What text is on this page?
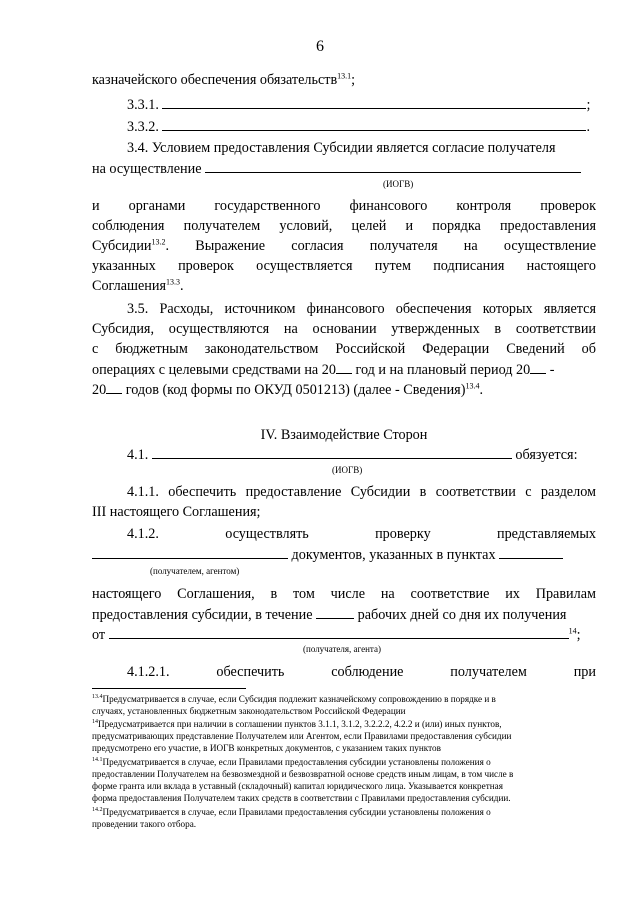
6
казначейского обеспечения обязательств$^{13.1}$;
3.3.1.	;
3.3.2.	.
3.4. Условием предоставления Субсидии является согласие получателя
на осуществление
(ИОГВ)
и органами государственного финансового контроля проверок
соблюдения получателем условий, целей и порядка предоставления
Субсидии$^{13.2}$. Выражение согласия получателя на осуществление
указанных проверок осуществляется путем подписания настоящего
Соглашения$^{13.3}$.
3.5. Расходы, источником финансового обеспечения которых является
Субсидия, осуществляются на основании утвержденных в соответствии
с бюджетным законодательством Российской Федерации Сведений об
операциях с целевыми средствами на 20 год и на плановый период 20 -
20 годов (код формы по ОКУД 0501213) (далее - Сведения)$^{13.4}$.
IV. Взаимодействие Сторон
4.1.	обязуется:
(ИОГВ)
4.1.1. обеспечить предоставление Субсидии в соответствии с разделом
III настоящего Соглашения;
4.1.2. осуществлять проверку представляемых
документов, указанных в пунктах
(получателем, агентом)
настоящего Соглашения, в том числе на соответствие их Правилам
предоставления субсидии, в течение	рабочих дней со дня их получения
от	$^{14}$;
(получателя, агента)
4.1.2.1. обеспечить соблюдение получателем при
$^{13.4}$Предусматривается в случае, если Субсидия подлежит казначейскому сопровождению в порядке и в
случаях, установленных бюджетным законодательством Российской Федерации
$^{14}$Предусматривается при наличии в соглашении пунктов 3.1.1, 3.1.2, 3.2.2.2, 4.2.2 и (или) иных пунктов,
предусматривающих представление Получателем или Агентом, если Правилами предоставления субсидии
предусмотрено его участие, в ИОГВ конкретных документов, с указанием таких пунктов
$^{14.1}$Предусматривается в случае, если Правилами предоставления субсидии установлены положения о
предоставлении Получателем на безвозмездной и безвозвратной основе средств иным лицам, в том числе в
форме гранта или вклада в уставный (складочный) капитал юридического лица. Указывается конкретная
форма предоставления Получателем таких средств в соответствии с Правилами предоставления субсидии.
$^{14.2}$Предусматривается в случае, если Правилами предоставления субсидии установлены положения о
проведении такого отбора.
